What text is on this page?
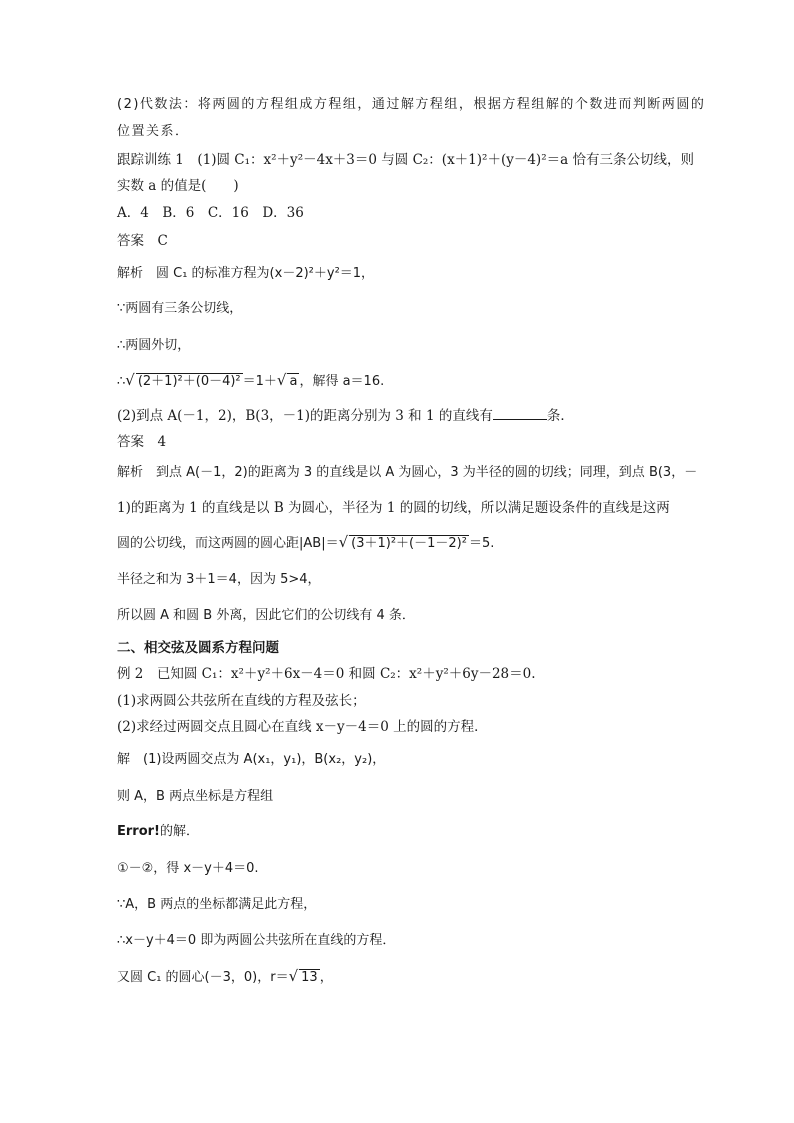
(2)代数法：将两圆的方程组成方程组，通过解方程组，根据方程组解的个数进而判断两圆的
位置关系．
跟踪训练 1　(1)圆 C₁：x²＋y²－4x＋3＝0 与圆 C₂：(x＋1)²＋(y－4)²＝a 恰有三条公切线，则
实数 a 的值是(　　)
A．4　B．6　C．16　D．36
答案　C
解析　圆 C₁ 的标准方程为(x－2)²＋y²＝1，
∵两圆有三条公切线，
∴两圆外切，
∴√ (2＋1)²＋(0－4)² ＝1＋√ a ，解得 a＝16.
(2)到点 A(－1，2)，B(3，－1)的距离分别为 3 和 1 的直线有	条．
答案　4
解析　到点 A(－1，2)的距离为 3 的直线是以 A 为圆心，3 为半径的圆的切线；同理，到点 B(3，－
1)的距离为 1 的直线是以 B 为圆心，半径为 1 的圆的切线，所以满足题设条件的直线是这两
圆的公切线，而这两圆的圆心距|AB|＝√ (3＋1)²＋(－1－2)² ＝5.
半径之和为 3＋1＝4，因为 5>4，
所以圆 A 和圆 B 外离，因此它们的公切线有 4 条．
二、相交弦及圆系方程问题
例 2　已知圆 C₁：x²＋y²＋6x－4＝0 和圆 C₂：x²＋y²＋6y－28＝0.
(1)求两圆公共弦所在直线的方程及弦长；
(2)求经过两圆交点且圆心在直线 x－y－4＝0 上的圆的方程．
解　(1)设两圆交点为 A(x₁，y₁)，B(x₂，y₂)，
则 A，B 两点坐标是方程组
Error!的解．
①－②，得 x－y＋4＝0.
∵A，B 两点的坐标都满足此方程，
∴x－y＋4＝0 即为两圆公共弦所在直线的方程．
又圆 C₁ 的圆心(－3，0)，r＝√ 13 ，
